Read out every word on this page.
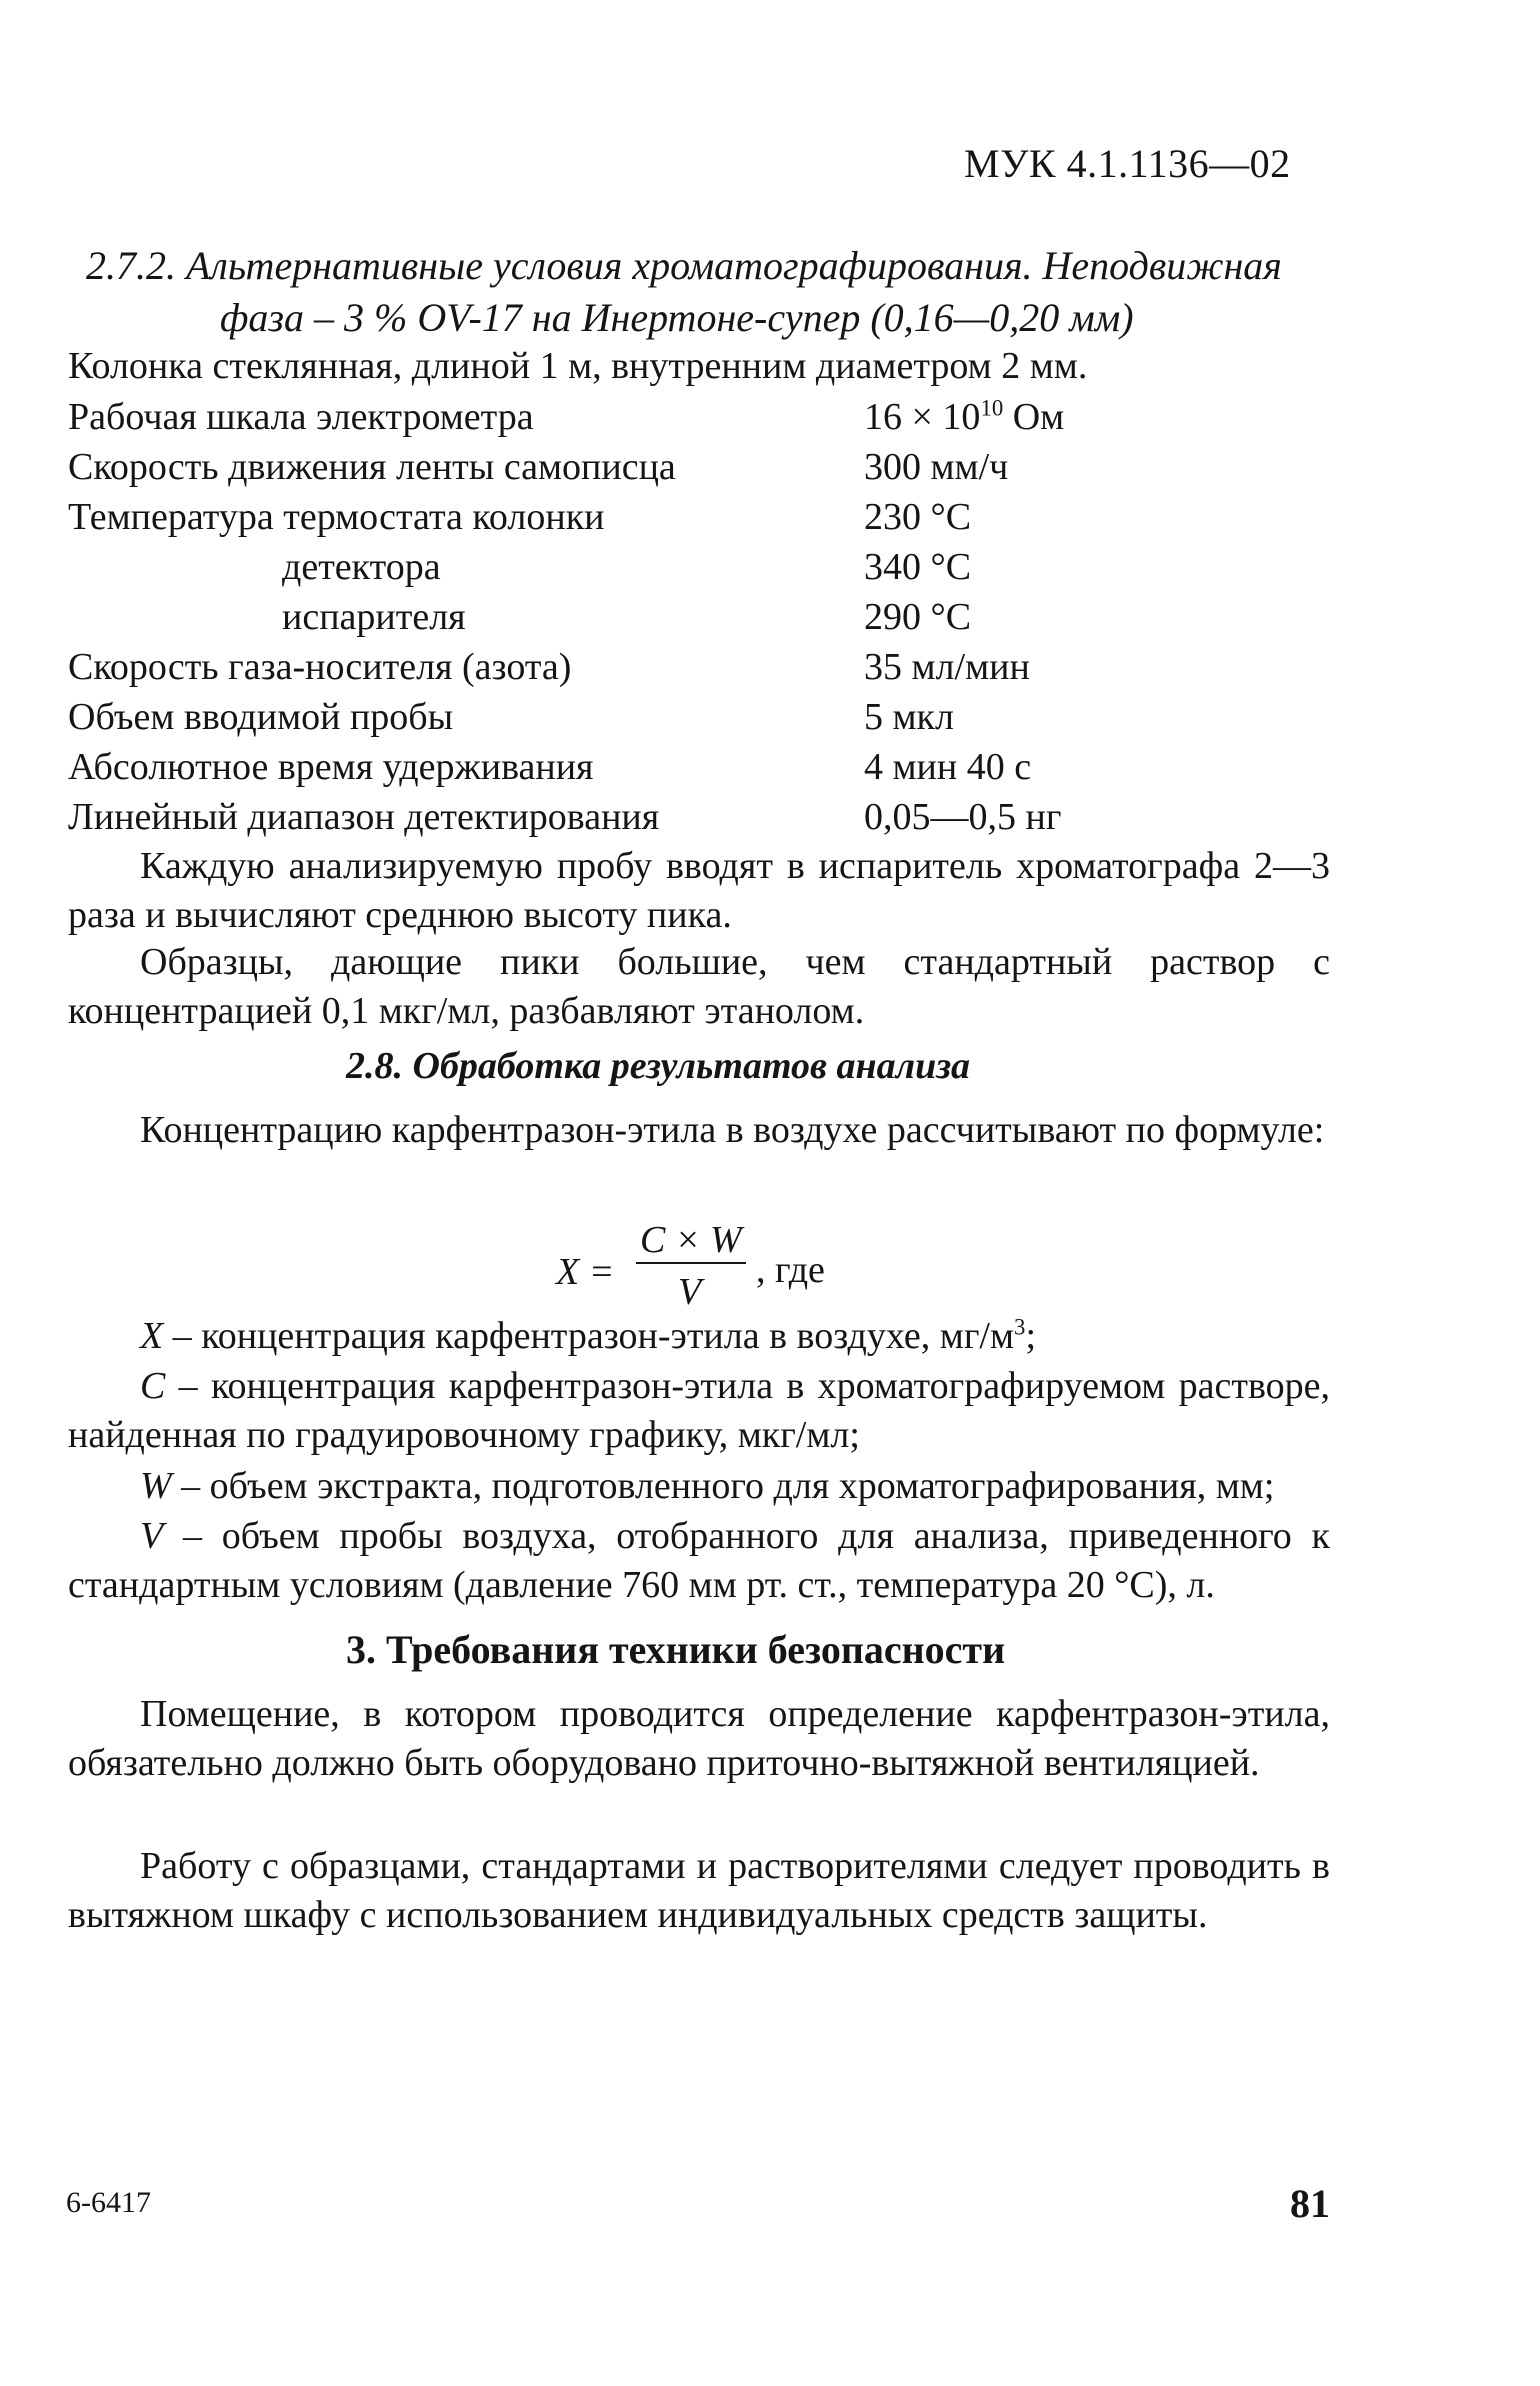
МУК 4.1.1136—02
2.7.2. Альтернативные условия хроматографирования. Неподвижная
фаза – 3 % OV-17 на Инертоне-супер (0,16—0,20 мм)
Колонка стеклянная, длиной 1 м, внутренним диаметром 2 мм.
Рабочая шкала электрометра	$16 \times 10^{10}$ Ом
Скорость движения ленты самописца	300 мм/ч
Температура термостата колонки	230 °С
детектора	340 °С
испарителя	290 °С
Скорость газа-носителя (азота)	35 мл/мин
Объем вводимой пробы	5 мкл
Абсолютное время удерживания	4 мин 40 с
Линейный диапазон детектирования	0,05—0,5 нг

Каждую анализируемую пробу вводят в испаритель хроматографа 2—3 раза и вычисляют среднюю высоту пика.

Образцы, дающие пики большие, чем стандартный раствор с концентрацией 0,1 мкг/мл, разбавляют этанолом.

2.8. Обработка результатов анализа

Концентрацию карфентразон-этила в воздухе рассчитывают по формуле:

X =
C × W
V
, где

X – концентрация карфентразон-этила в воздухе, $мг/м^3$;

C – концентрация карфентразон-этила в хроматографируемом растворе, найденная по градуировочному графику, мкг/мл;

W – объем экстракта, подготовленного для хроматографирования, мм;

V – объем пробы воздуха, отобранного для анализа, приведенного к стандартным условиям (давление 760 мм рт. ст., температура 20 °С), л.

3. Требования техники безопасности

Помещение, в котором проводится определение карфентразон-этила, обязательно должно быть оборудовано приточно-вытяжной вентиляцией.

Работу с образцами, стандартами и растворителями следует проводить в вытяжном шкафу с использованием индивидуальных средств защиты.

6-6417	81
